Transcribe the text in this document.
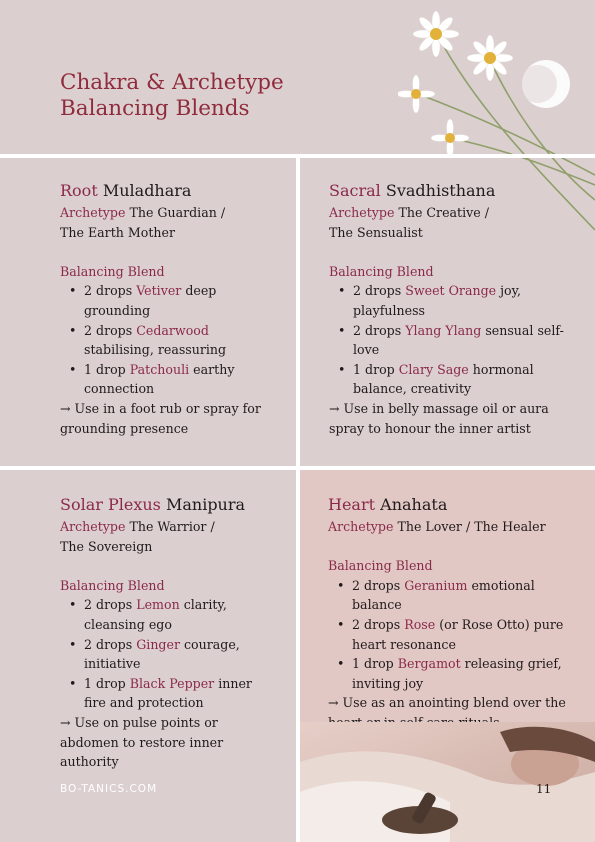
Chakra & Archetype
Balancing Blends
Root Muladhara
Archetype The Guardian /
The Earth Mother
Balancing Blend
• 2 drops Vetiver deep
grounding
• 2 drops Cedarwood
stabilising, reassuring
• 1 drop Patchouli earthy
connection
→ Use in a foot rub or spray for
grounding presence
Sacral Svadhisthana
Archetype The Creative /
The Sensualist
Balancing Blend
• 2 drops Sweet Orange joy,
playfulness
• 2 drops Ylang Ylang sensual self-
love
• 1 drop Clary Sage hormonal
balance, creativity
→ Use in belly massage oil or aura
spray to honour the inner artist
Solar Plexus Manipura
Archetype The Warrior /
The Sovereign
Balancing Blend
• 2 drops Lemon clarity,
cleansing ego
• 2 drops Ginger courage,
initiative
• 1 drop Black Pepper inner
fire and protection
→ Use on pulse points or
abdomen to restore inner
authority
Heart Anahata
Archetype The Lover / The Healer
Balancing Blend
• 2 drops Geranium emotional
balance
• 2 drops Rose (or Rose Otto) pure
heart resonance
• 1 drop Bergamot releasing grief,
inviting joy
→ Use as an anointing blend over the
BO-TANICS.COM	11
